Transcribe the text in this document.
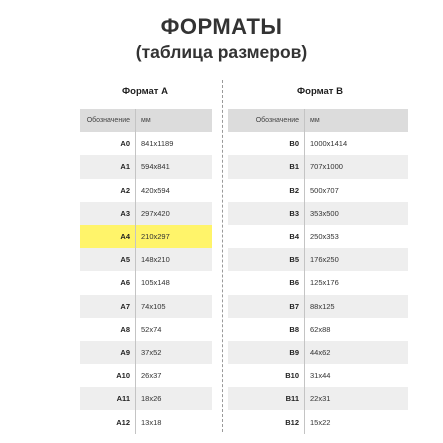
ФОРМАТЫ
(таблица размеров)
Формат А	Формат В
Обозначение	мм
А0	841х1189
А1	594х841
А2	420х594
А3	297х420
А4	210х297
А5	148х210
А6	105х148
А7	74х105
А8	52х74
А9	37х52
А10	26х37
А11	18х26
А12	13х18
Обозначение	мм
В0	1000х1414
В1	707х1000
В2	500х707
В3	353х500
В4	250х353
В5	176х250
В6	125х176
В7	88х125
В8	62х88
В9	44х62
В10	31х44
В11	22х31
В12	15х22
